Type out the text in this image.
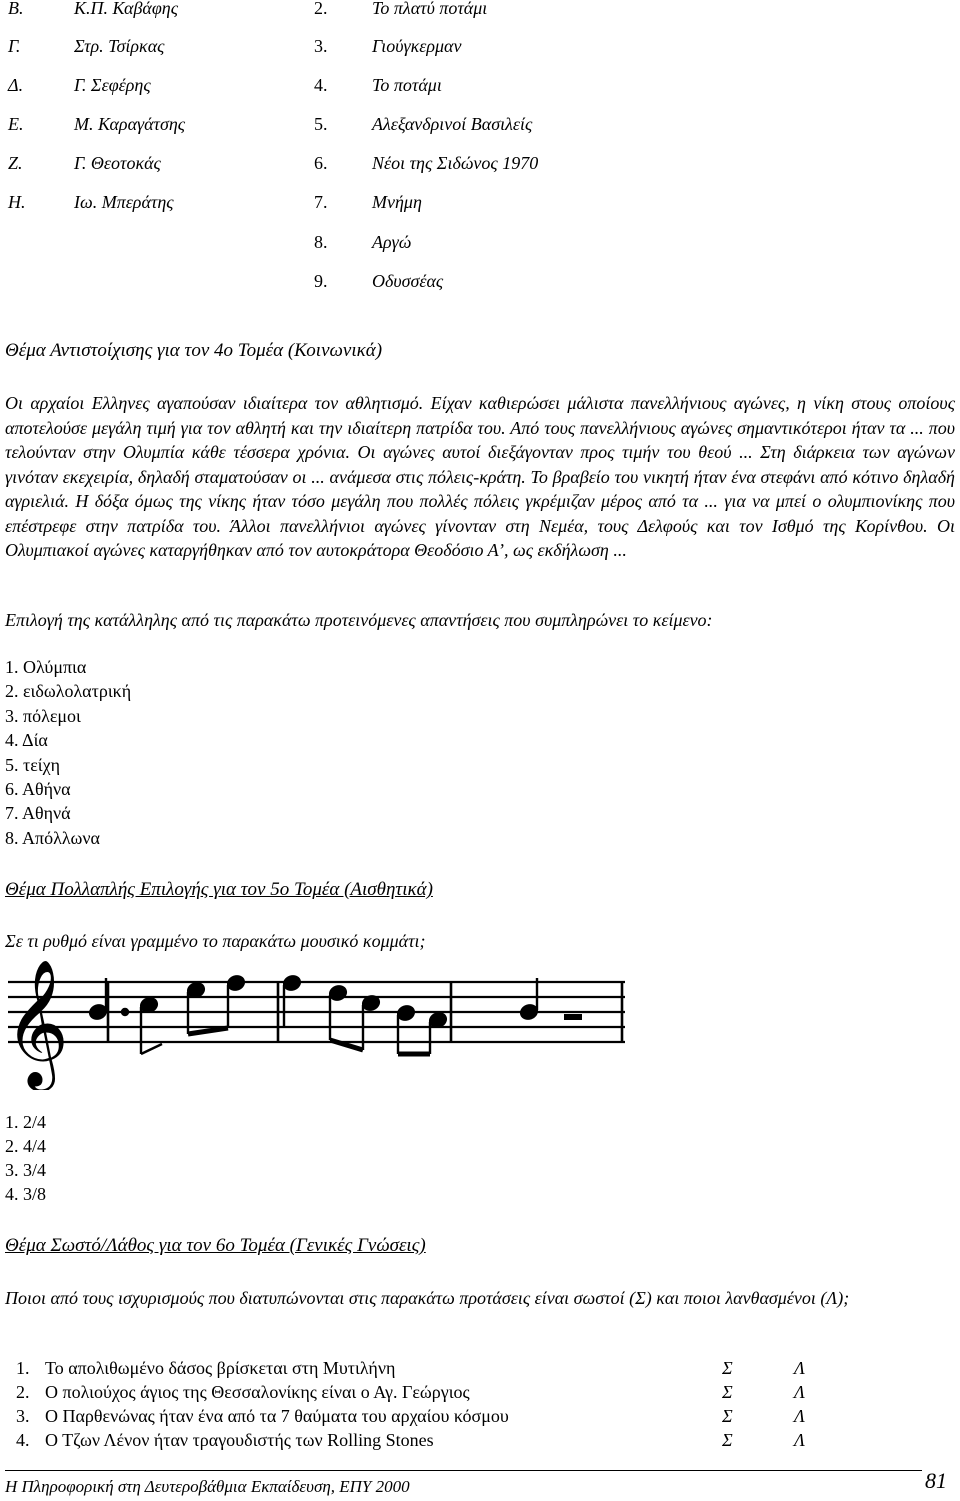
Β.	Κ.Π. Καβάφης	2. Το πλατύ ποτάμι
Γ.	Στρ. Τσίρκας	3. Γιούγκερμαν
Δ.	Γ. Σεφέρης	4. Το ποτάμι
Ε.	Μ. Καραγάτσης	5. Αλεξανδρινοί Βασιλείς
Ζ.	Γ. Θεοτοκάς	6. Νέοι της Σιδώνος 1970
Η.	Ιω. Μπεράτης	7. Μνήμη
8. Αργώ
9. Οδυσσέας
Θέμα Αντιστοίχισης για τον 4ο Τομέα (Κοινωνικά)

Οι αρχαίοι Ελληνες αγαπούσαν ιδιαίτερα τον αθλητισμό. Είχαν καθιερώσει μάλιστα πανελλήνιους αγώνες, η νίκη στους οποίους αποτελούσε μεγάλη τιμή για τον αθλητή και την ιδιαίτερη πατρίδα του. Από τους πανελλήνιους αγώνες σημαντικότεροι ήταν τα ... που τελούνταν στην Ολυμπία κάθε τέσσερα χρόνια. Οι αγώνες αυτοί διεξάγονταν προς τιμήν του θεού ... Στη διάρκεια των αγώνων γινόταν εκεχειρία, δηλαδή σταματούσαν οι ... ανάμεσα στις πόλεις-κράτη. Το βραβείο του νικητή ήταν ένα στεφάνι από κότινο δηλαδή αγριελιά. Η δόξα όμως της νίκης ήταν τόσο μεγάλη που πολλές πόλεις γκρέμιζαν μέρος από τα ... για να μπεί ο ολυμπιονίκης που επέστρεφε στην πατρίδα του. Άλλοι πανελλήνιοι αγώνες γίνονταν στη Νεμέα, τους Δελφούς και τον Ισθμό της Κορίνθου. Οι Ολυμπιακοί αγώνες καταργήθηκαν από τον αυτοκράτορα Θεοδόσιο Α’, ως εκδήλωση ...

Επιλογή της κατάλληλης από τις παρακάτω προτεινόμενες απαντήσεις που συμπληρώνει το κείμενο:
1. Ολύμπια
2. ειδωλολατρική
3. πόλεμοι
4. Δία
5. τείχη
6. Αθήνα
7. Αθηνά
8. Απόλλωνα
Θέμα Πολλαπλής Επιλογής για τον 5ο Τομέα (Αισθητικά)
Σε τι ρυθμό είναι γραμμένο το παρακάτω μουσικό κομμάτι;
𝄞
1. 2/4
2. 4/4
3. 3/4
4. 3/8
Θέμα Σωστό/Λάθος για τον 6ο Τομέα (Γενικές Γνώσεις)
Ποιοι από τους ισχυρισμούς που διατυπώνονται στις παρακάτω προτάσεις είναι σωστοί (Σ) και ποιοι λανθασμένοι (Λ);
1. Το απολιθωμένο δάσος βρίσκεται στη Μυτιλήνη	Σ	Λ
2. Ο πολιούχος άγιος της Θεσσαλονίκης είναι ο Αγ. Γεώργιος	Σ	Λ
3. Ο Παρθενώνας ήταν ένα από τα 7 θαύματα του αρχαίου κόσμου	Σ	Λ
4. Ο Τζων Λένον ήταν τραγουδιστής των Rolling Stones	Σ	Λ
Η Πληροφορική στη Δευτεροβάθμια Εκπαίδευση, ΕΠΥ 2000	81
